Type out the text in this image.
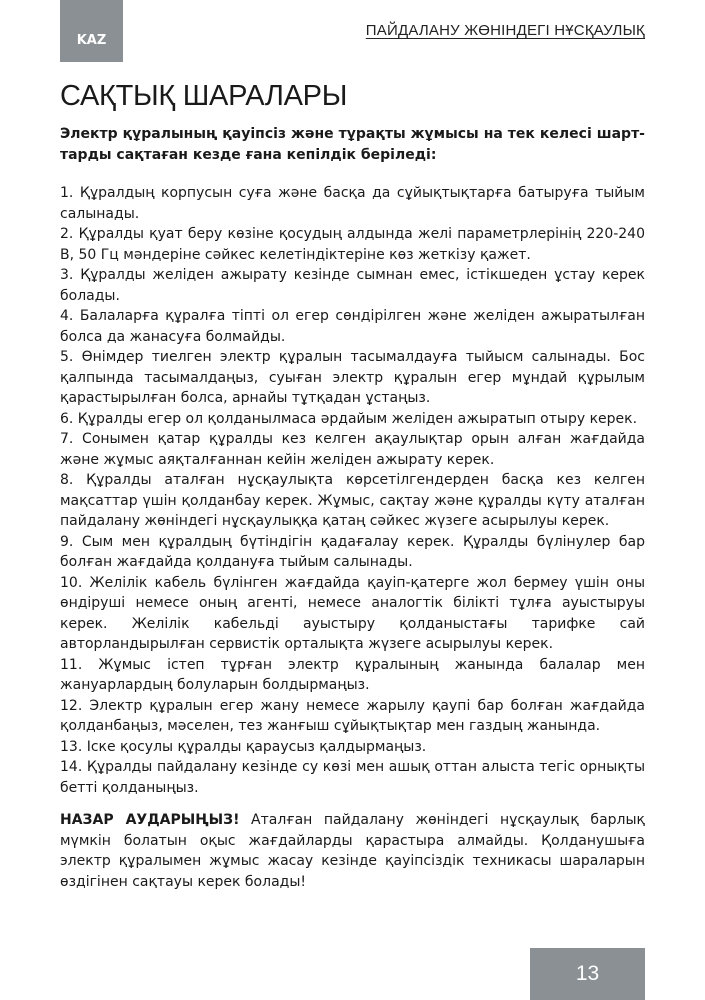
KAZ
ПАЙДАЛАНУ ЖӨНІНДЕГІ НҰСҚАУЛЫҚ
САҚТЫҚ ШАРАЛАРЫ

Электр құралының қауіпсіз және тұрақты жұмысы на тек келесі шарт-тарды сақтаған кезде ғана кепілдік беріледі:

1. Құралдың корпусын суға және басқа да сұйықтықтарға батыруға тыйым салынады.

2. Құралды қуат беру көзіне қосудың алдында желі параметрлерінің 220-240 В, 50 Гц мәндеріне сәйкес келетіндіктеріне көз жеткізу қажет.

3. Құралды желіден ажырату кезінде сымнан емес, істікшеден ұстау керек болады.

4. Балаларға құралға тіпті ол егер сөндірілген және желіден ажыратылған болса да жанасуға болмайды.

5. Өнімдер тиелген электр құралын тасымалдауға тыйысм салынады. Бос қалпында тасымалдаңыз, суыған электр құралын егер мұндай құрылым қарастырылған болса, арнайы тұтқадан ұстаңыз.

6. Құралды егер ол қолданылмаса әрдайым желіден ажыратып отыру керек.

7. Сонымен қатар құралды кез келген ақаулықтар орын алған жағдайда және жұмыс аяқталғаннан кейін желіден ажырату керек.

8. Құралды аталған нұсқаулықта көрсетілгендерден басқа кез келген мақсаттар үшін қолданбау керек. Жұмыс, сақтау және құралды күту аталған пайдалану жөніндегі нұсқаулыққа қатаң сәйкес жүзеге асырылуы керек.

9. Сым мен құралдың бүтіндігін қадағалау керек. Құралды бүлінулер бар болған жағдайда қолдануға тыйым салынады.

10. Желілік кабель бүлінген жағдайда қауіп-қатерге жол бермеу үшін оны өндіруші немесе оның агенті, немесе аналогтік білікті тұлға ауыстыруы керек. Желілік кабельді ауыстыру қолданыстағы тарифке сай авторландырылған сервистік орталықта жүзеге асырылуы керек.

11. Жұмыс істеп тұрған электр құралының жанында балалар мен жануарлардың болуларын болдырмаңыз.

12. Электр құралын егер жану немесе жарылу қаупі бар болған жағдайда қолданбаңыз, мәселен, тез жанғыш сұйықтықтар мен газдың жанында.

13. Іске қосулы құралды қараусыз қалдырмаңыз.

14. Құралды пайдалану кезінде су көзі мен ашық оттан алыста тегіс орнықты бетті қолданыңыз.

НАЗАР АУДАРЫҢЫЗ! Аталған пайдалану жөніндегі нұсқаулық барлық мүмкін болатын оқыс жағдайларды қарастыра алмайды. Қолданушыға электр құралымен жұмыс жасау кезінде қауіпсіздік техникасы шараларын өздігінен сақтауы керек болады!

13
